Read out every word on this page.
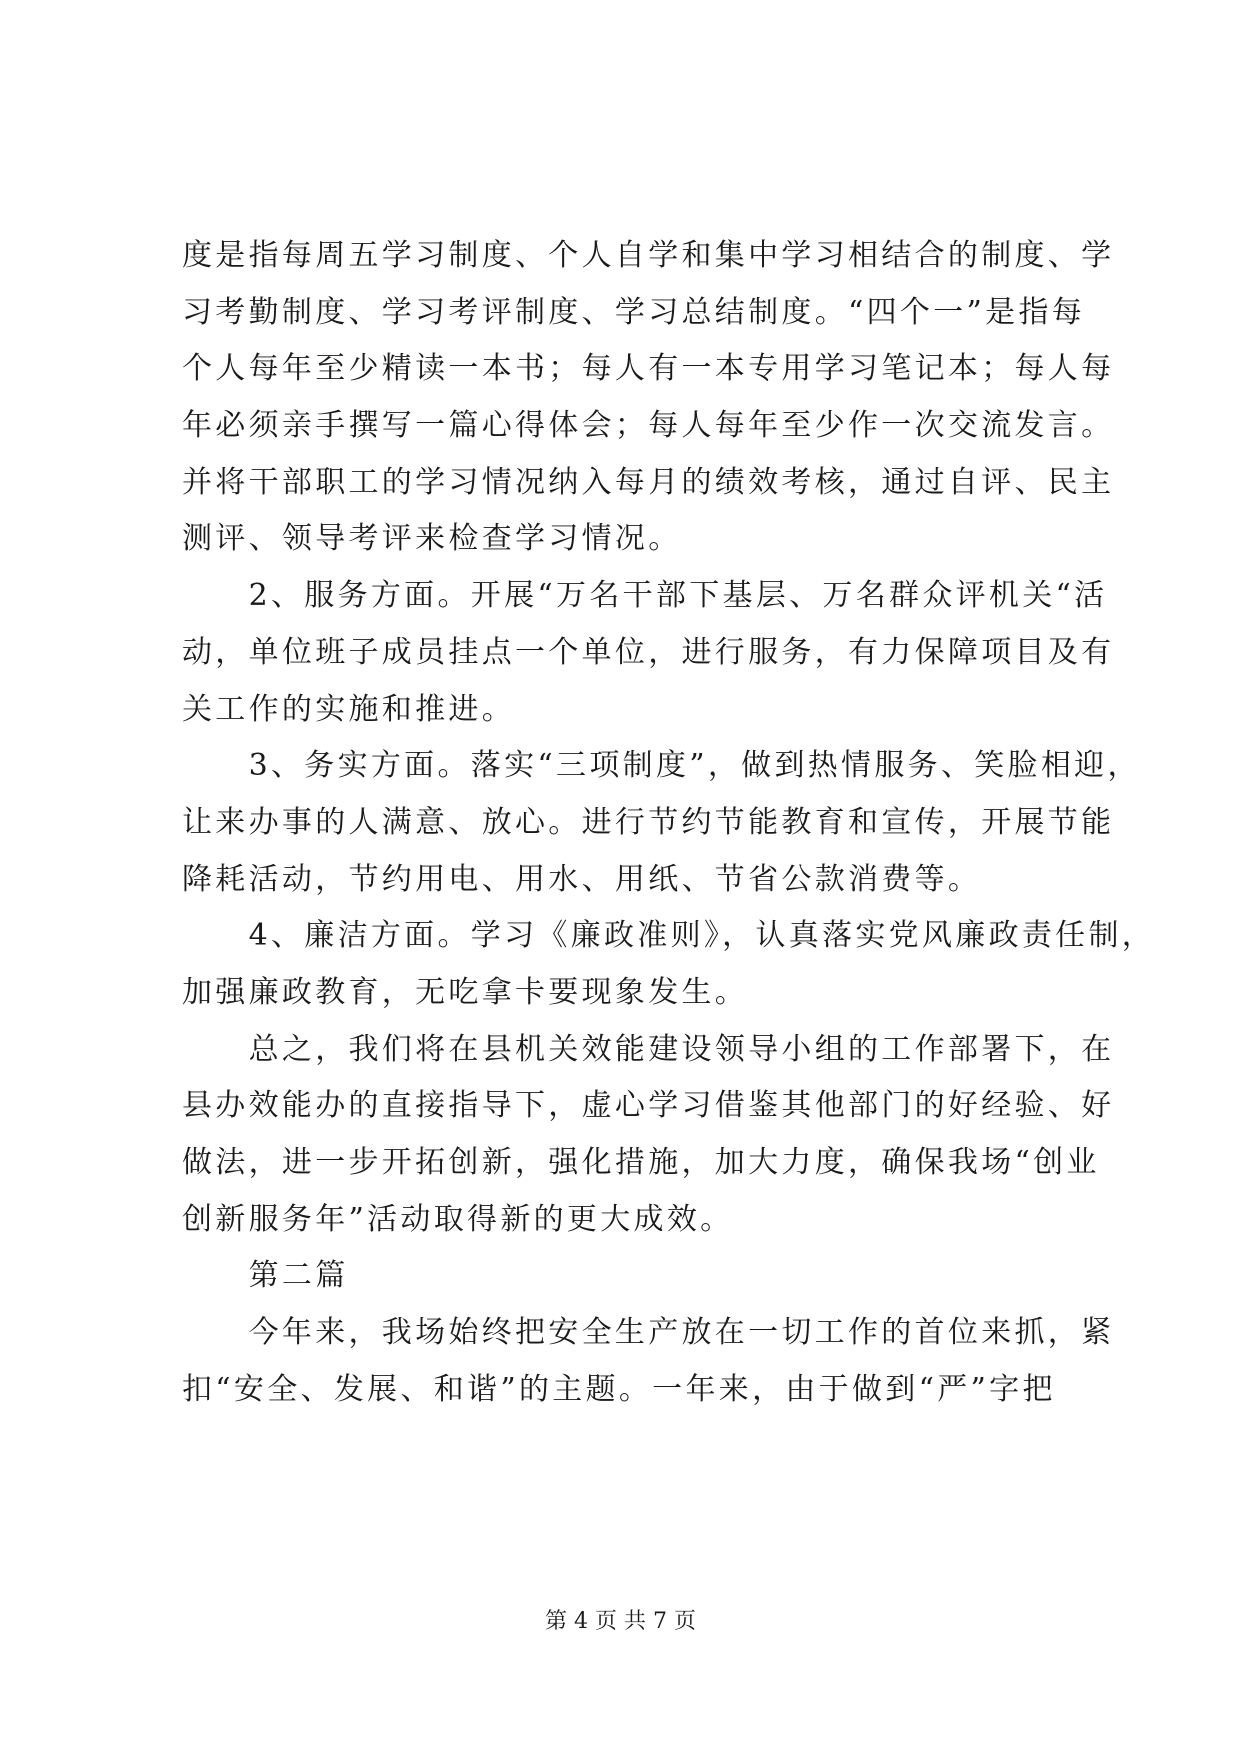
度是指每周五学习制度、个人自学和集中学习相结合的制度、学
习考勤制度、学习考评制度、学习总结制度。“四个一”是指每
个人每年至少精读一本书；每人有一本专用学习笔记本；每人每
年必须亲手撰写一篇心得体会；每人每年至少作一次交流发言。
并将干部职工的学习情况纳入每月的绩效考核，通过自评、民主
测评、领导考评来检查学习情况。
　　2、服务方面。开展“万名干部下基层、万名群众评机关“活
动，单位班子成员挂点一个单位，进行服务，有力保障项目及有
关工作的实施和推进。
　　3、务实方面。落实“三项制度”，做到热情服务、笑脸相迎，
让来办事的人满意、放心。进行节约节能教育和宣传，开展节能
降耗活动，节约用电、用水、用纸、节省公款消费等。
　　4、廉洁方面。学习《廉政准则》，认真落实党风廉政责任制，
加强廉政教育，无吃拿卡要现象发生。
　　总之，我们将在县机关效能建设领导小组的工作部署下，在
县办效能办的直接指导下，虚心学习借鉴其他部门的好经验、好
做法，进一步开拓创新，强化措施，加大力度，确保我场“创业
创新服务年”活动取得新的更大成效。
　　第二篇
　　今年来，我场始终把安全生产放在一切工作的首位来抓，紧
扣“安全、发展、和谐”的主题。一年来，由于做到“严”字把
第 4 页 共 7 页
